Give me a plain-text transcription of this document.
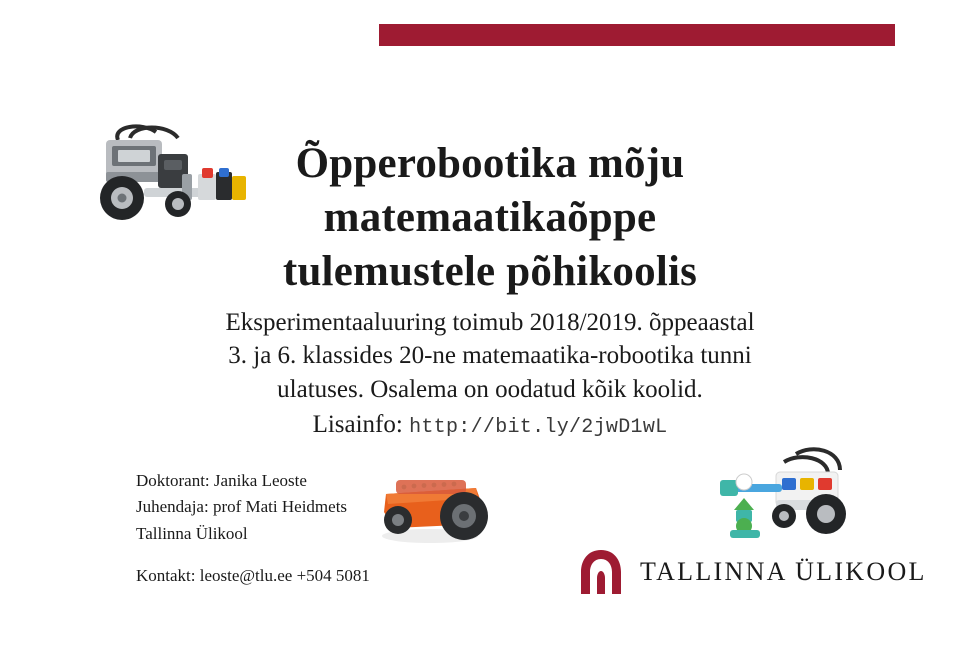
Õpperobootika mõju
matemaatikaõppe
tulemustele põhikoolis
Eksperimentaaluuring toimub 2018/2019. õppeaastal
3. ja 6. klassides 20-ne matemaatika-robootika tunni
ulatuses. Osalema on oodatud kõik koolid.
Lisainfo: http://bit.ly/2jwD1wL
Doktorant: Janika Leoste
Juhendaja: prof Mati Heidmets
Tallinna Ülikool
Kontakt: leoste@tlu.ee +504 5081	TALLINNA ÜLIKOOL
